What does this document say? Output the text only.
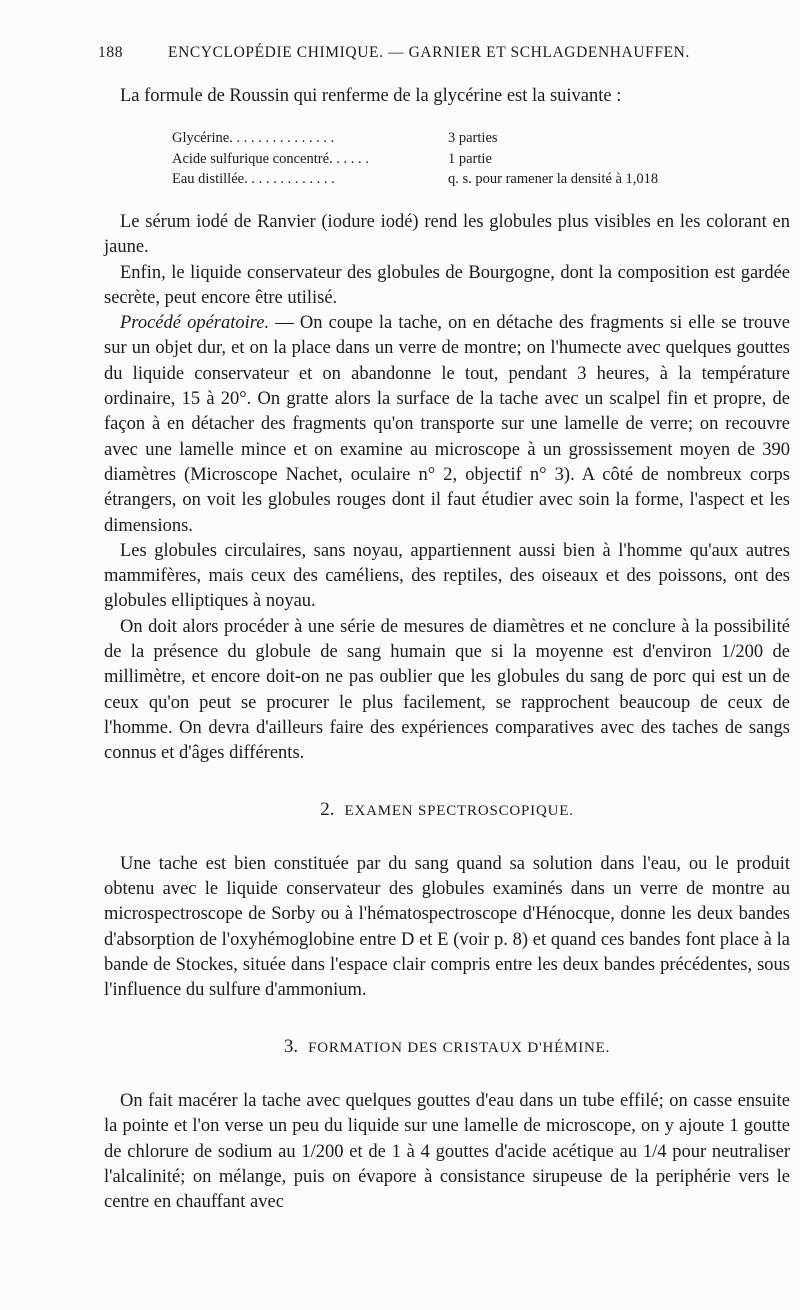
188	ENCYCLOPÉDIE CHIMIQUE. — GARNIER ET SCHLAGDENHAUFFEN.
La formule de Roussin qui renferme de la glycérine est la suivante :
Glycérine. . . . . . . . . . . . . . .	3 parties
Acide sulfurique concentré. . . . . .	1 partie
Eau distillée. . . . . . . . . . . . .	q. s. pour ramener la densité à 1,018

Le sérum iodé de Ranvier (iodure iodé) rend les globules plus visibles en les colorant en jaune.

Enfin, le liquide conservateur des globules de Bourgogne, dont la composition est gardée secrète, peut encore être utilisé.

Procédé opératoire. — On coupe la tache, on en détache des fragments si elle se trouve sur un objet dur, et on la place dans un verre de montre; on l'humecte avec quelques gouttes du liquide conservateur et on abandonne le tout, pendant 3 heures, à la température ordinaire, 15 à 20°. On gratte alors la surface de la tache avec un scalpel fin et propre, de façon à en détacher des fragments qu'on transporte sur une lamelle de verre; on recouvre avec une lamelle mince et on examine au microscope à un grossissement moyen de 390 diamètres (Microscope Nachet, oculaire n° 2, objectif n° 3). A côté de nombreux corps étrangers, on voit les globules rouges dont il faut étudier avec soin la forme, l'aspect et les dimensions.

Les globules circulaires, sans noyau, appartiennent aussi bien à l'homme qu'aux autres mammifères, mais ceux des caméliens, des reptiles, des oiseaux et des poissons, ont des globules elliptiques à noyau.

On doit alors procéder à une série de mesures de diamètres et ne conclure à la possibilité de la présence du globule de sang humain que si la moyenne est d'environ 1/200 de millimètre, et encore doit-on ne pas oublier que les globules du sang de porc qui est un de ceux qu'on peut se procurer le plus facilement, se rapprochent beaucoup de ceux de l'homme. On devra d'ailleurs faire des expériences comparatives avec des taches de sangs connus et d'âges différents.

2. EXAMEN SPECTROSCOPIQUE.

Une tache est bien constituée par du sang quand sa solution dans l'eau, ou le produit obtenu avec le liquide conservateur des globules examinés dans un verre de montre au microspectroscope de Sorby ou à l'hématospectroscope d'Hénocque, donne les deux bandes d'absorption de l'oxyhémoglobine entre D et E (voir p. 8) et quand ces bandes font place à la bande de Stockes, située dans l'espace clair compris entre les deux bandes précédentes, sous l'influence du sulfure d'ammonium.

3. FORMATION DES CRISTAUX D'HÉMINE.

On fait macérer la tache avec quelques gouttes d'eau dans un tube effilé; on casse ensuite la pointe et l'on verse un peu du liquide sur une lamelle de microscope, on y ajoute 1 goutte de chlorure de sodium au 1/200 et de 1 à 4 gouttes d'acide acétique au 1/4 pour neutraliser l'alcalinité; on mélange, puis on évapore à consistance sirupeuse de la periphérie vers le centre en chauffant avec
